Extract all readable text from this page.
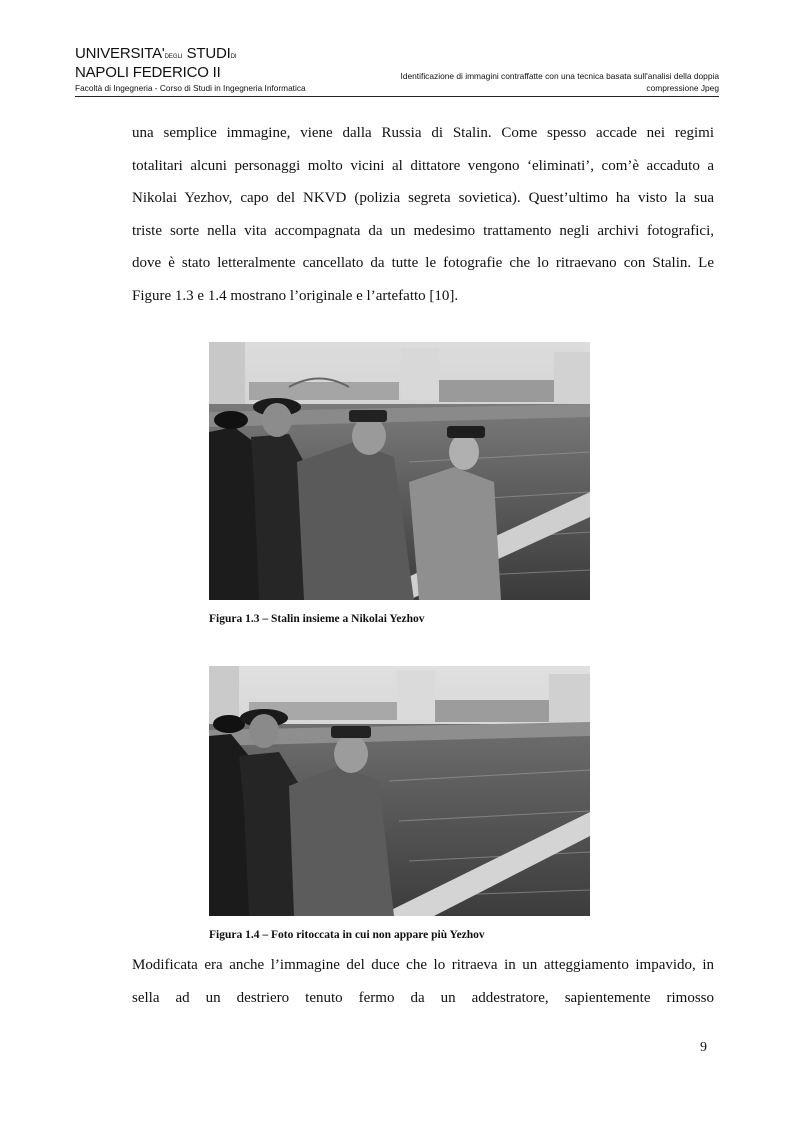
UNIVERSITA'DEGLI STUDIDI
NAPOLI FEDERICO II
Facoltà di Ingegneria - Corso di Studi in Ingegneria Informatica
Identificazione di immagini contraffatte con una tecnica basata sull'analisi della doppia
compressione Jpeg
una semplice immagine, viene dalla Russia di Stalin. Come spesso accade nei regimi
totalitari alcuni personaggi molto vicini al dittatore vengono ‘eliminati’, com’è accaduto a
Nikolai Yezhov, capo del NKVD (polizia segreta sovietica). Quest’ultimo ha visto la sua
triste sorte nella vita accompagnata da un medesimo trattamento negli archivi fotografici,
dove è stato letteralmente cancellato da tutte le fotografie che lo ritraevano con Stalin. Le
Figure 1.3 e 1.4 mostrano l’originale e l’artefatto [10].
Figura 1.3 – Stalin insieme a Nikolai Yezhov
Figura 1.4 – Foto ritoccata in cui non appare più Yezhov
Modificata era anche l’immagine del duce che lo ritraeva in un atteggiamento impavido, in
sella ad un destriero tenuto fermo da un addestratore, sapientemente rimosso
9
